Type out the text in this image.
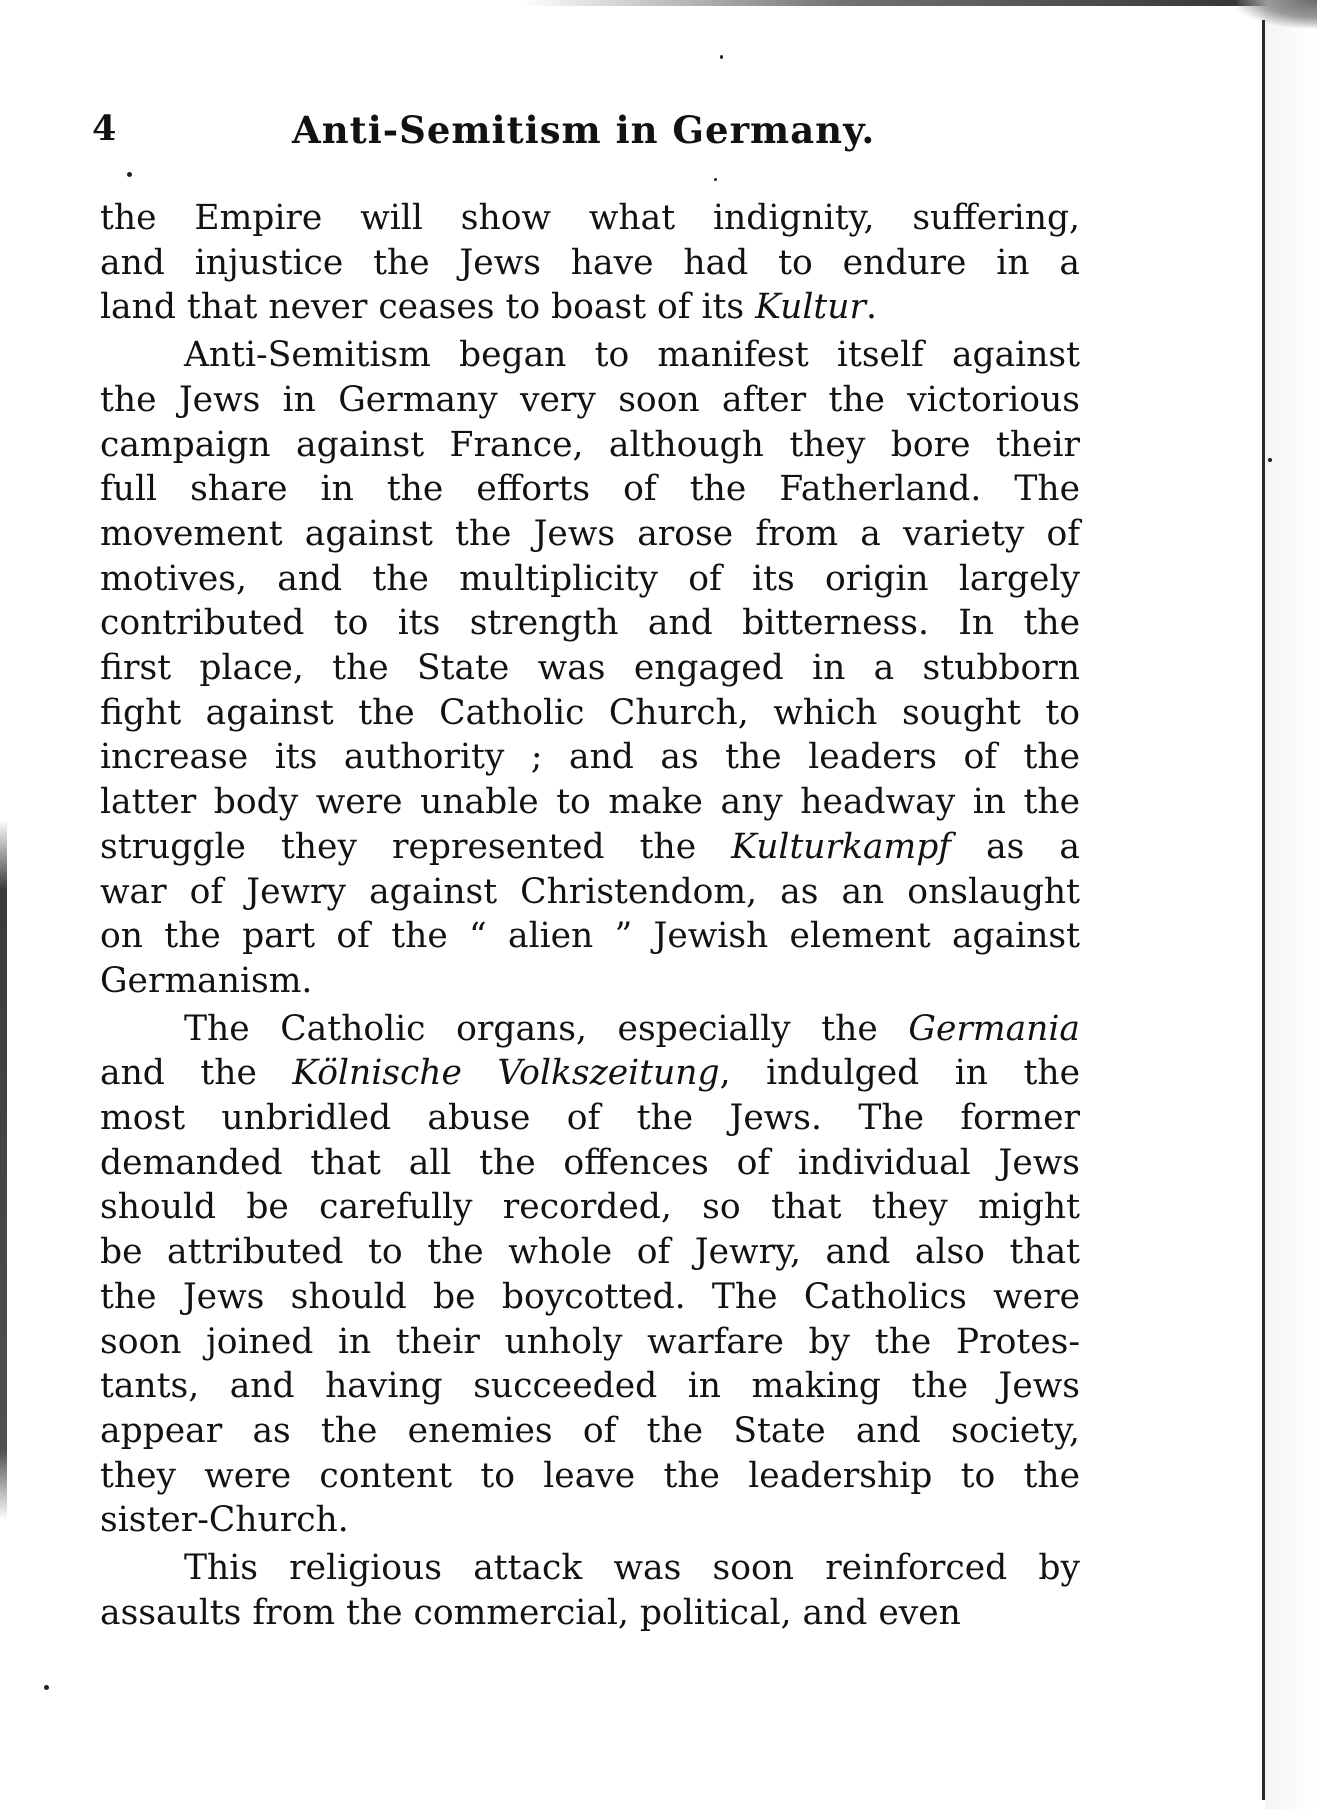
4	Anti-Semitism in Germany.
the Empire will show what indignity, suffering,
and injustice the Jews have had to endure in a
land that never ceases to boast of its Kultur.
Anti-Semitism began to manifest itself against
the Jews in Germany very soon after the victorious
campaign against France, although they bore their
full share in the efforts of the Fatherland. The
movement against the Jews arose from a variety of
motives, and the multiplicity of its origin largely
contributed to its strength and bitterness. In the
first place, the State was engaged in a stubborn
fight against the Catholic Church, which sought to
increase its authority ; and as the leaders of the
latter body were unable to make any headway in the
struggle they represented the Kulturkampf as a
war of Jewry against Christendom, as an onslaught
on the part of the “ alien ” Jewish element against
Germanism.
The Catholic organs, especially the Germania
and the Kölnische Volkszeitung, indulged in the
most unbridled abuse of the Jews. The former
demanded that all the offences of individual Jews
should be carefully recorded, so that they might
be attributed to the whole of Jewry, and also that
the Jews should be boycotted. The Catholics were
soon joined in their unholy warfare by the Protes-
tants, and having succeeded in making the Jews
appear as the enemies of the State and society,
they were content to leave the leadership to the
sister-Church.
This religious attack was soon reinforced by
assaults from the commercial, political, and even
